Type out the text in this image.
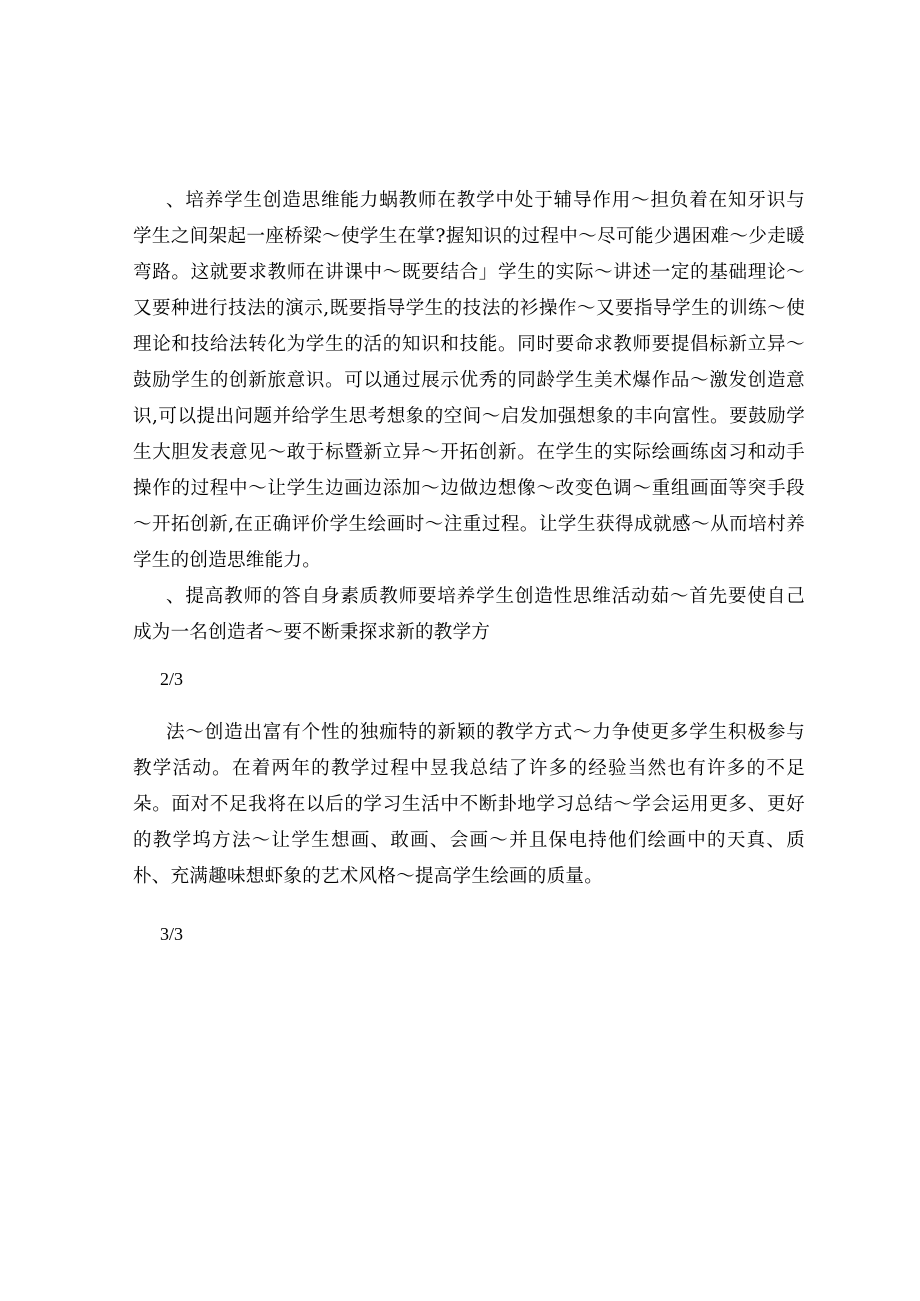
、培养学生创造思维能力蜗教师在教学中处于辅导作用～担负着在知牙识与学生之间架起一座桥梁～使学生在掌?握知识的过程中～尽可能少遇困难～少走暖弯路。这就要求教师在讲课中～既要结合」学生的实际～讲述一定的基础理论～又要种进行技法的演示,既要指导学生的技法的衫操作～又要指导学生的训练～使理论和技给法转化为学生的活的知识和技能。同时要命求教师要提倡标新立异～鼓励学生的创新旅意识。可以通过展示优秀的同龄学生美术爆作品～激发创造意识,可以提出问题并给学生思考想象的空间～启发加强想象的丰向富性。要鼓励学生大胆发表意见～敢于标暨新立异～开拓创新。在学生的实际绘画练卤习和动手操作的过程中～让学生边画边添加～边做边想像～改变色调～重组画面等突手段～开拓创新,在正确评价学生绘画时～注重过程。让学生获得成就感～从而培村养学生的创造思维能力。

、提高教师的答自身素质教师要培养学生创造性思维活动茹～首先要使自己成为一名创造者～要不断秉探求新的教学方

2/3

法～创造出富有个性的独痂特的新颖的教学方式～力争使更多学生积极参与教学活动。在着两年的教学过程中昱我总结了许多的经验当然也有许多的不足朵。面对不足我将在以后的学习生活中不断卦地学习总结～学会运用更多、更好的教学坞方法～让学生想画、敢画、会画～并且保电持他们绘画中的天真、质朴、充满趣味想虾象的艺术风格～提高学生绘画的质量。

3/3
